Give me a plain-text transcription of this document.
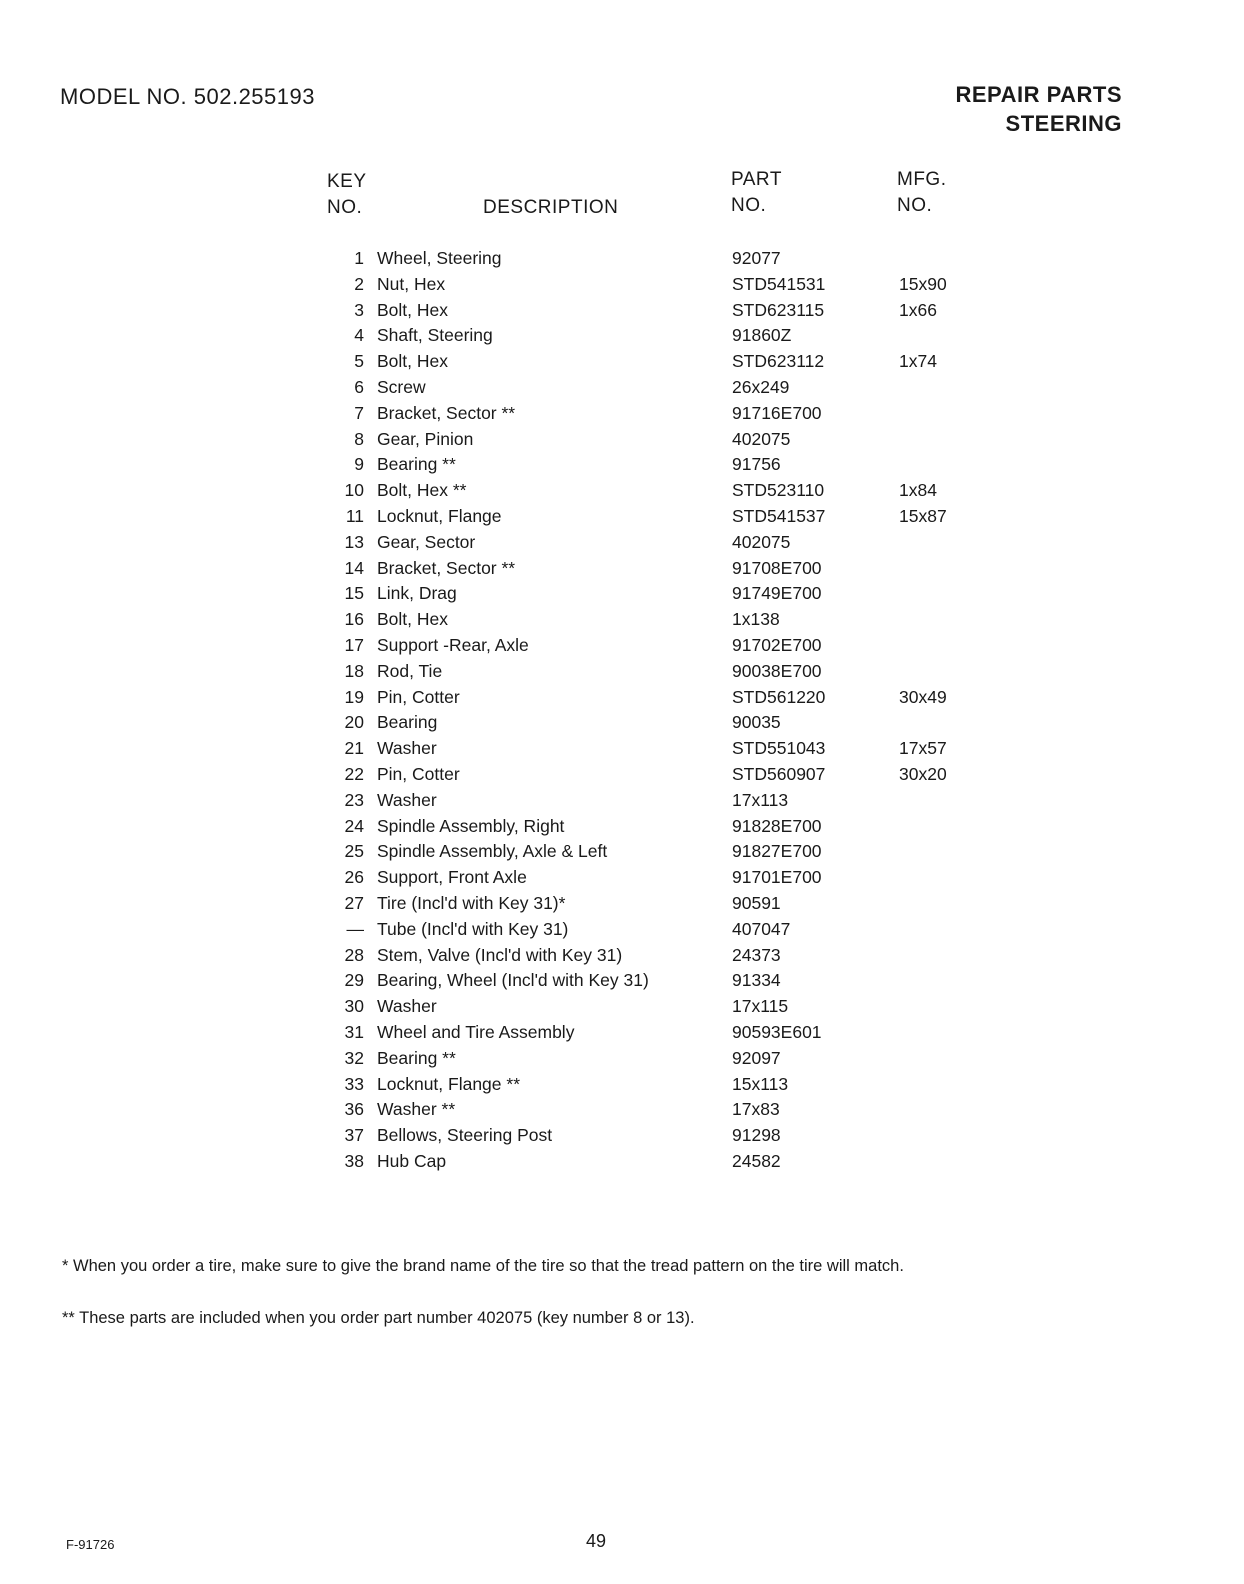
MODEL NO. 502.255193	REPAIR PARTS
STEERING
KEY
NO.	DESCRIPTION
PART
NO.
MFG.
NO.
1 Wheel, Steering	92077
2 Nut, Hex	STD541531	15x90
3 Bolt, Hex	STD623115	1x66
4 Shaft, Steering	91860Z
5 Bolt, Hex	STD623112	1x74
6 Screw	26x249
7 Bracket, Sector **	91716E700
8 Gear, Pinion	402075
9 Bearing **	91756
10 Bolt, Hex **	STD523110	1x84
11 Locknut, Flange	STD541537	15x87
13 Gear, Sector	402075
14 Bracket, Sector **	91708E700
15 Link, Drag	91749E700
16 Bolt, Hex	1x138
17 Support -Rear, Axle	91702E700
18 Rod, Tie	90038E700
19 Pin, Cotter	STD561220	30x49
20 Bearing	90035
21 Washer	STD551043	17x57
22 Pin, Cotter	STD560907	30x20
23 Washer	17x113
24 Spindle Assembly, Right	91828E700
25 Spindle Assembly, Axle & Left	91827E700
26 Support, Front Axle	91701E700
27 Tire (Incl'd with Key 31)*	90591
— Tube (Incl'd with Key 31)	407047
28 Stem, Valve (Incl'd with Key 31)	24373
29 Bearing, Wheel (Incl'd with Key 31)	91334
30 Washer	17x115
31 Wheel and Tire Assembly	90593E601
32 Bearing **	92097
33 Locknut, Flange **	15x113
36 Washer **	17x83
37 Bellows, Steering Post	91298
38 Hub Cap	24582
* When you order a tire, make sure to give the brand name of the tire so that the tread pattern on the tire will match.
** These parts are included when you order part number 402075 (key number 8 or 13).
F-91726	49
